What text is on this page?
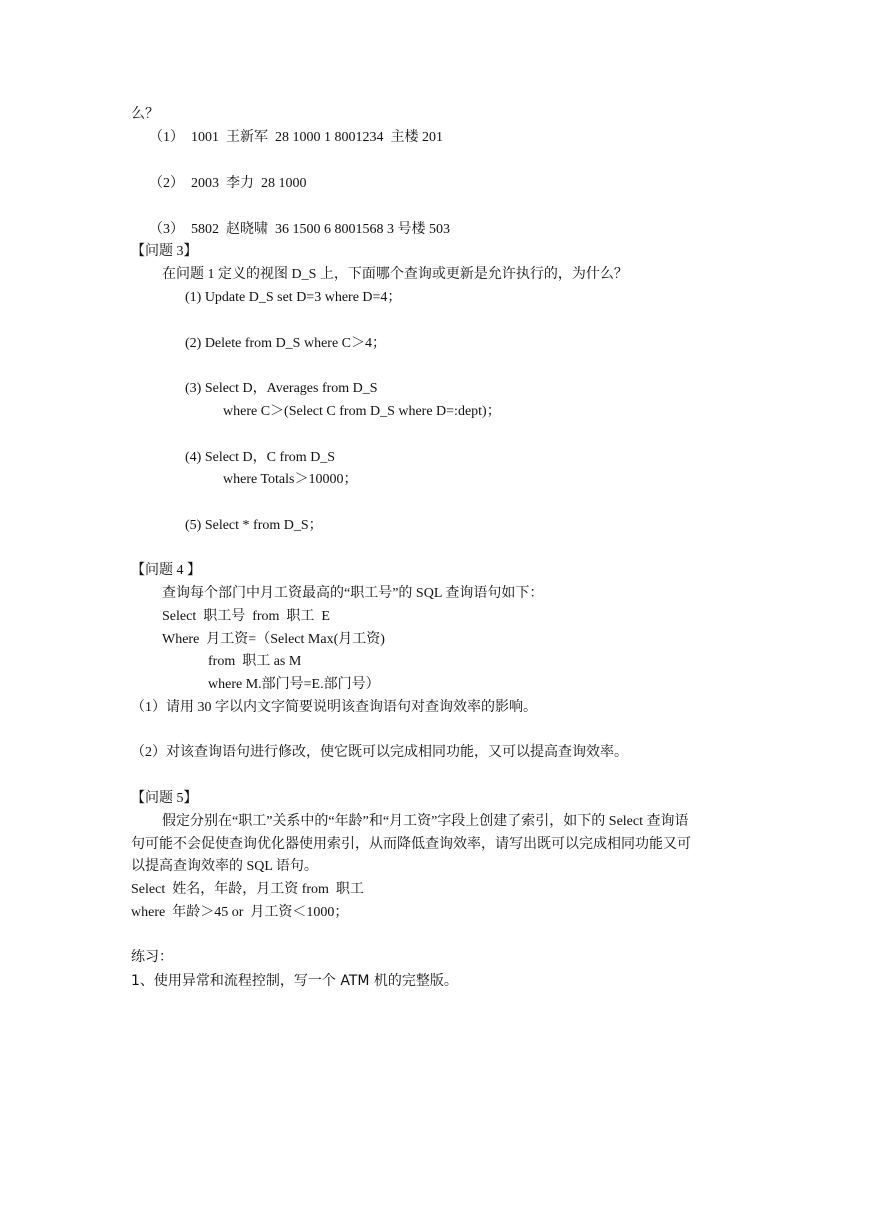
么？
（1）  1001  王新军  28 1000 1 8001234  主楼 201
（2）  2003  李力  28 1000
（3）  5802  赵晓啸  36 1500 6 8001568 3 号楼 503
【问题 3】
在问题 1 定义的视图 D_S 上，下面哪个查询或更新是允许执行的，为什么？
(1) Update D_S set D=3 where D=4；
(2) Delete from D_S where C＞4；
(3) Select D，Averages from D_S
where C＞(Select C from D_S where D=:dept)；
(4) Select D，C from D_S
where Totals＞10000；
(5) Select * from D_S；
【问题 4 】
查询每个部门中月工资最高的“职工号”的 SQL 查询语句如下：
Select  职工号  from  职工  E
Where  月工资=（Select Max(月工资)
from  职工 as M
where M.部门号=E.部门号）
（1）请用 30 字以内文字简要说明该查询语句对查询效率的影响。
（2）对该查询语句进行修改，使它既可以完成相同功能，又可以提高查询效率。
【问题 5】
假定分别在“职工”关系中的“年龄”和“月工资”字段上创建了索引，如下的 Select 查询语
句可能不会促使查询优化器使用索引，从而降低查询效率，请写出既可以完成相同功能又可
以提高查询效率的 SQL 语句。
Select  姓名，年龄，月工资 from  职工
where  年龄＞45 or  月工资＜1000；
练习：
1、使用异常和流程控制，写一个 ATM 机的完整版。
